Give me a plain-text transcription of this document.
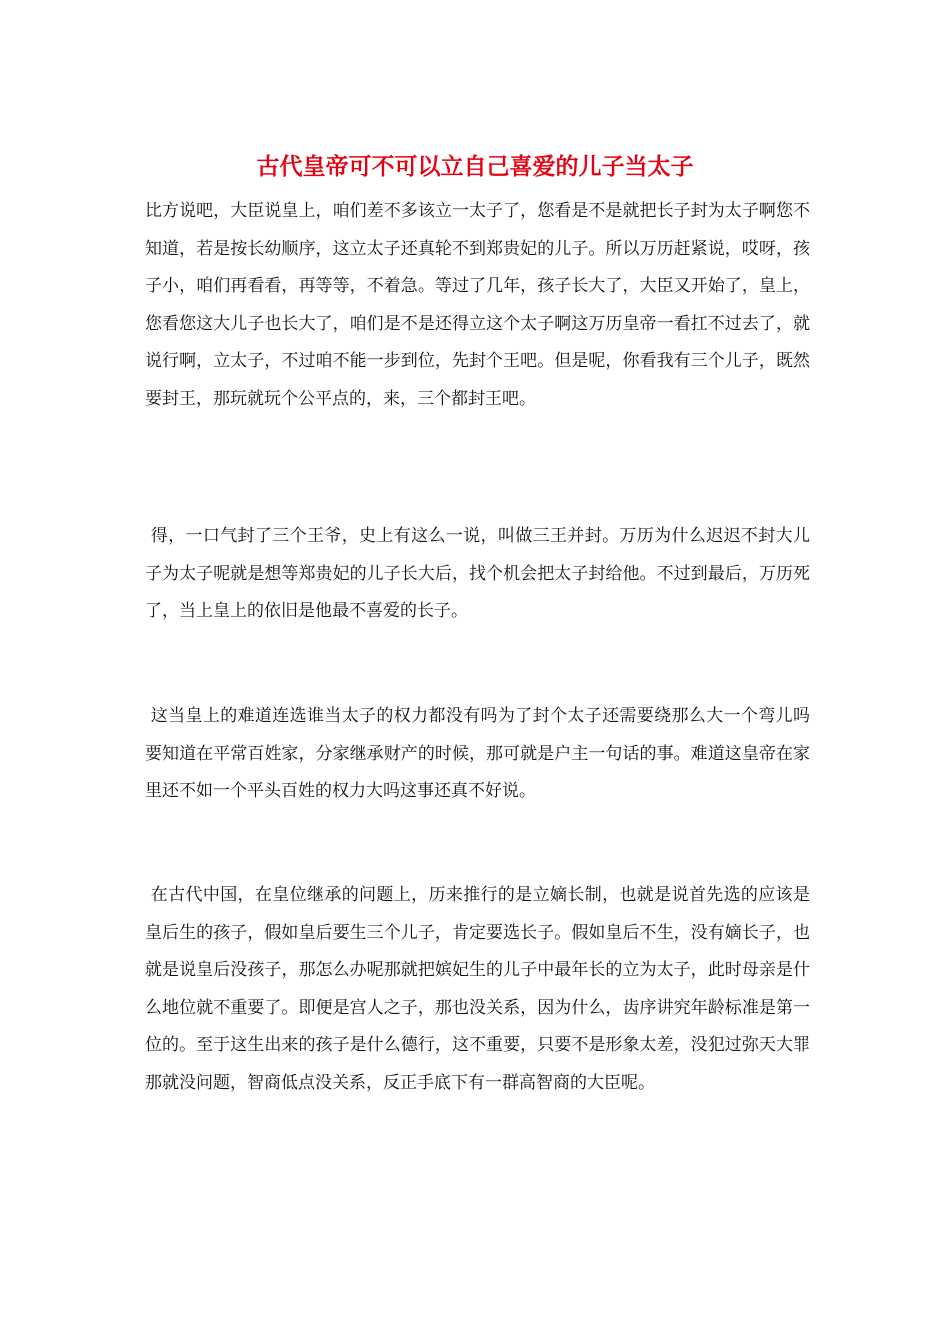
古代皇帝可不可以立自己喜爱的儿子当太子

比方说吧，大臣说皇上，咱们差不多该立一太子了，您看是不是就把长子封为太子啊您不知道，若是按长幼顺序，这立太子还真轮不到郑贵妃的儿子。所以万历赶紧说，哎呀，孩子小，咱们再看看，再等等，不着急。等过了几年，孩子长大了，大臣又开始了，皇上，您看您这大儿子也长大了，咱们是不是还得立这个太子啊这万历皇帝一看扛不过去了，就说行啊，立太子，不过咱不能一步到位，先封个王吧。但是呢，你看我有三个儿子，既然要封王，那玩就玩个公平点的，来，三个都封王吧。

得，一口气封了三个王爷，史上有这么一说，叫做三王并封。万历为什么迟迟不封大儿子为太子呢就是想等郑贵妃的儿子长大后，找个机会把太子封给他。不过到最后，万历死了，当上皇上的依旧是他最不喜爱的长子。

这当皇上的难道连选谁当太子的权力都没有吗为了封个太子还需要绕那么大一个弯儿吗要知道在平常百姓家，分家继承财产的时候，那可就是户主一句话的事。难道这皇帝在家里还不如一个平头百姓的权力大吗这事还真不好说。

在古代中国，在皇位继承的问题上，历来推行的是立嫡长制，也就是说首先选的应该是皇后生的孩子，假如皇后要生三个儿子，肯定要选长子。假如皇后不生，没有嫡长子，也就是说皇后没孩子，那怎么办呢那就把嫔妃生的儿子中最年长的立为太子，此时母亲是什么地位就不重要了。即便是宫人之子，那也没关系，因为什么，齿序讲究年龄标准是第一位的。至于这生出来的孩子是什么德行，这不重要，只要不是形象太差，没犯过弥天大罪那就没问题，智商低点没关系，反正手底下有一群高智商的大臣呢。
